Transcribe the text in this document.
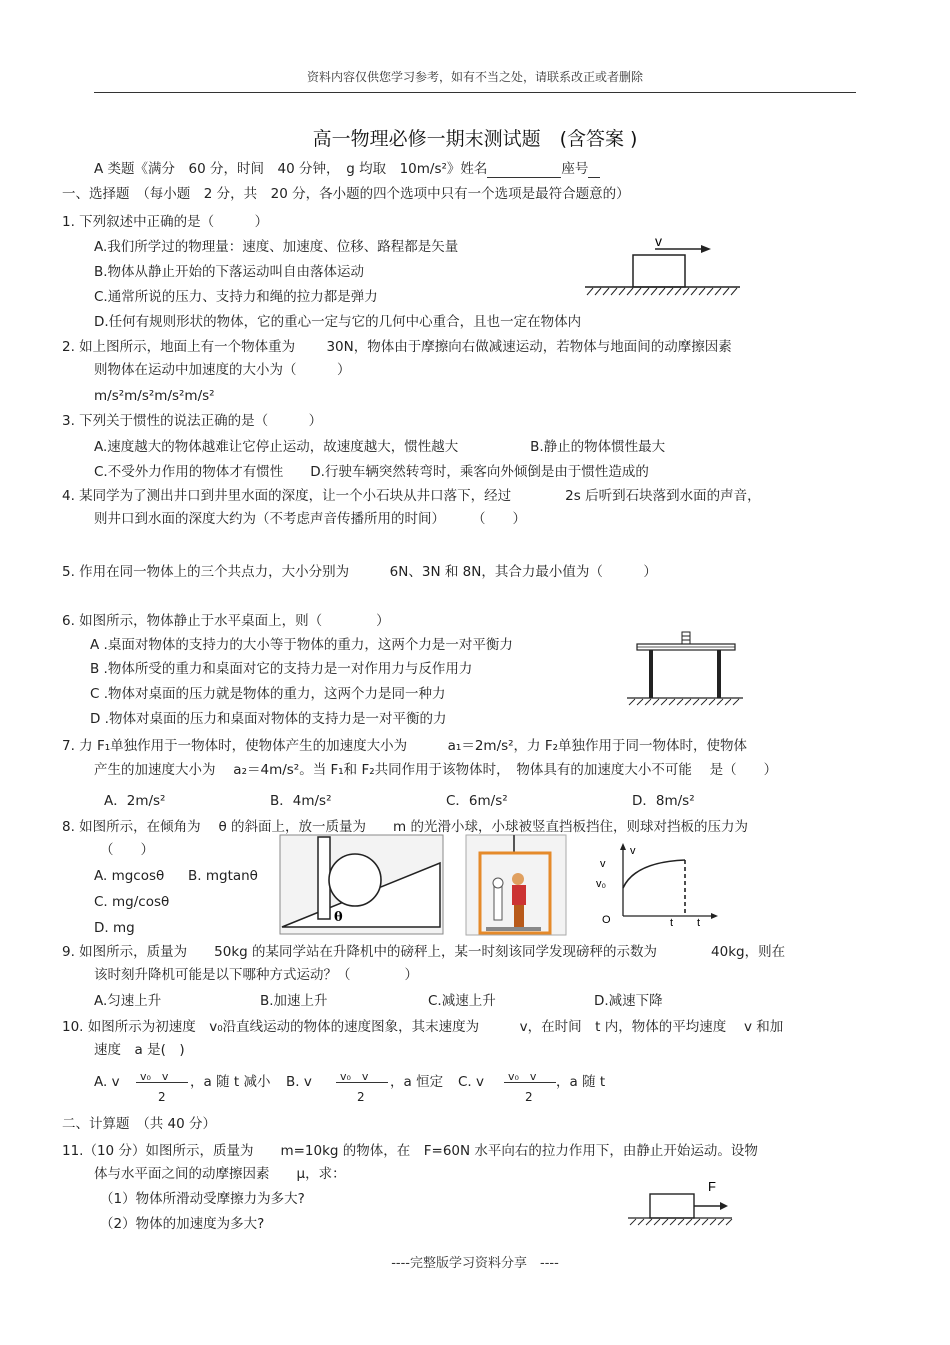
资料内容仅供您学习参考，如有不当之处，请联系改正或者删除
高一物理必修一期末测试题　(含答案 )
A 类题《满分　60 分，时间　40 分钟，　g 均取　10m/s²》姓名	座号
一、选择题　（每小题　2 分，共　20 分，各小题的四个选项中只有一个选项是最符合题意的）
1. 下列叙述中正确的是（　　　）
A.我们所学过的物理量：速度、加速度、位移、路程都是矢量
B.物体从静止开始的下落运动叫自由落体运动
C.通常所说的压力、支持力和绳的拉力都是弹力
D.任何有规则形状的物体，它的重心一定与它的几何中心重合，且也一定在物体内
v
2. 如上图所示，地面上有一个物体重为　　 30N，物体由于摩擦向右做减速运动，若物体与地面间的动摩擦因素
则物体在运动中加速度的大小为（　　　）
m/s²m/s²m/s²m/s²
3. 下列关于惯性的说法正确的是（　　　）
A.速度越大的物体越难让它停止运动，故速度越大，惯性越大　　　　　 B.静止的物体惯性最大
C.不受外力作用的物体才有惯性　　D.行驶车辆突然转弯时，乘客向外倾倒是由于惯性造成的
4. 某同学为了测出井口到井里水面的深度，让一个小石块从井口落下，经过　　　　2s 后听到石块落到水面的声音，
则井口到水面的深度大约为（不考虑声音传播所用的时间）　　　（　　）
5. 作用在同一物体上的三个共点力，大小分别为　　　6N、3N 和 8N，其合力最小值为（　　　）
6. 如图所示，物体静止于水平桌面上，则（　　　　）
A .桌面对物体的支持力的大小等于物体的重力，这两个力是一对平衡力
B .物体所受的重力和桌面对它的支持力是一对作用力与反作用力
C .物体对桌面的压力就是物体的重力，这两个力是同一种力
D .物体对桌面的压力和桌面对物体的支持力是一对平衡的力
7. 力 F₁单独作用于一物体时，使物体产生的加速度大小为　　　a₁＝2m/s²，力 F₂单独作用于同一物体时，使物体
产生的加速度大小为　 a₂＝4m/s²。当 F₁和 F₂共同作用于该物体时，　物体具有的加速度大小不可能　 是（　　）
A．2m/s²	B．4m/s²	C．6m/s²	D．8m/s²
8. 如图所示，在倾角为　 θ 的斜面上，放一质量为　　m 的光滑小球，小球被竖直挡板挡住，则球对挡板的压力为
（　　）
A. mgcosθ B. mgtanθ
C. mg/cosθ
D. mg
θ
v
v
v₀
O	t t
9. 如图所示，质量为　　50kg 的某同学站在升降机中的磅秤上，某一时刻该同学发现磅秤的示数为　　　　40kg，则在
该时刻升降机可能是以下哪种方式运动？（　　　　）
A.匀速上升	B.加速上升	C.减速上升	D.减速下降
10. 如图所示为初速度　v₀沿直线运动的物体的速度图象，其末速度为　　　v，在时间　t 内，物体的平均速度　 v 和加
速度　a 是(　)
A. v v₀　v
2
，a 随 t 减小 B. v	v₀　v
2
，a 恒定 C. v v₀　v
2
，a 随 t
二、计算题　（共 40 分）
11.（10 分）如图所示，质量为　　m=10kg 的物体，在　F=60N 水平向右的拉力作用下，由静止开始运动。设物
体与水平面之间的动摩擦因素　　μ，求：
（1）物体所滑动受摩擦力为多大?
（2）物体的加速度为多大?
F
----完整版学习资料分享　----
